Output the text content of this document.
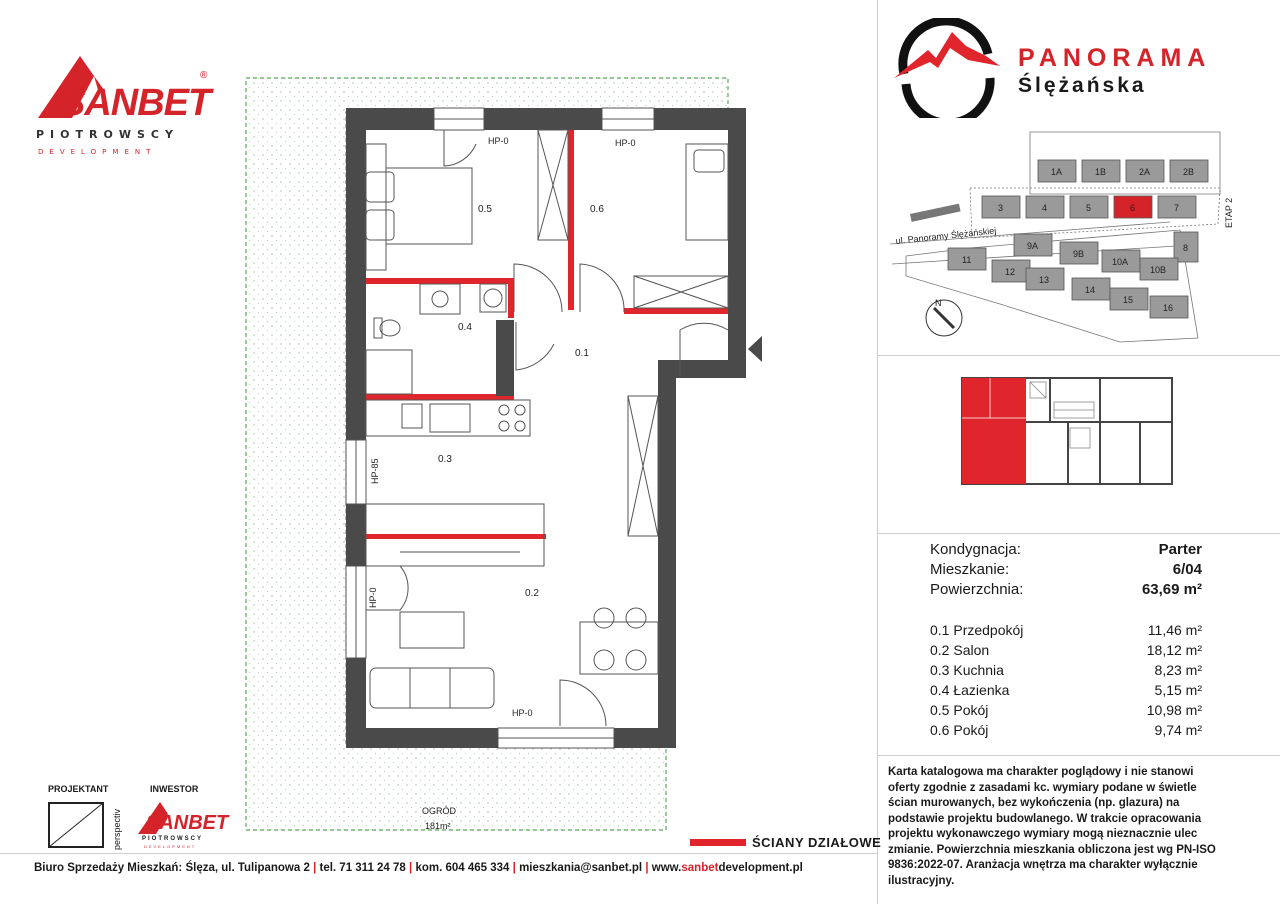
SANBET
®
PIOTROWSCY
DEVELOPMENT
PANORAMA
Ślężańska
0.5	0.6
0.4
0.1
0.3
0.2
HP-0	HP-0
HP-85
HP-0
HP-0
OGRÓD
181m²
1A	1B	2A	2B
3	4	5	6	7
8
9A
9B
10A
10B
11
12
13
14
15
16
ul. Panoramy Ślężańskiej
ETAP 2
N
Kondygnacja:	Parter
Mieszkanie:	6/04
Powierzchnia:	63,69 m²
0.1 Przedpokój	11,46 m²
0.2 Salon	18,12 m²
0.3 Kuchnia	8,23 m²
0.4 Łazienka	5,15 m²
0.5 Pokój	10,98 m²
0.6 Pokój	9,74 m²
Karta katalogowa ma charakter poglądowy i nie stanowi oferty zgodnie z zasadami kc. wymiary podane w świetle ścian murowanych, bez wykończenia (np. glazura) na podstawie projektu budowlanego. W trakcie opracowania projektu wykonawczego wymiary mogą nieznacznie ulec zmianie. Powierzchnia mieszkania obliczona jest wg PN-ISO 9836:2022-07. Aranżacja wnętrza ma charakter wyłącznie ilustracyjny.
PROJEKTANT
perspectiv
INWESTOR
SANBET
PIOTROWSCY
DEVELOPMENT	ŚCIANY DZIAŁOWE
Biuro Sprzedaży Mieszkań: Ślęza, ul. Tulipanowa 2 | tel. 71 311 24 78 | kom. 604 465 334 | mieszkania@sanbet.pl | www.sanbetdevelopment.pl
